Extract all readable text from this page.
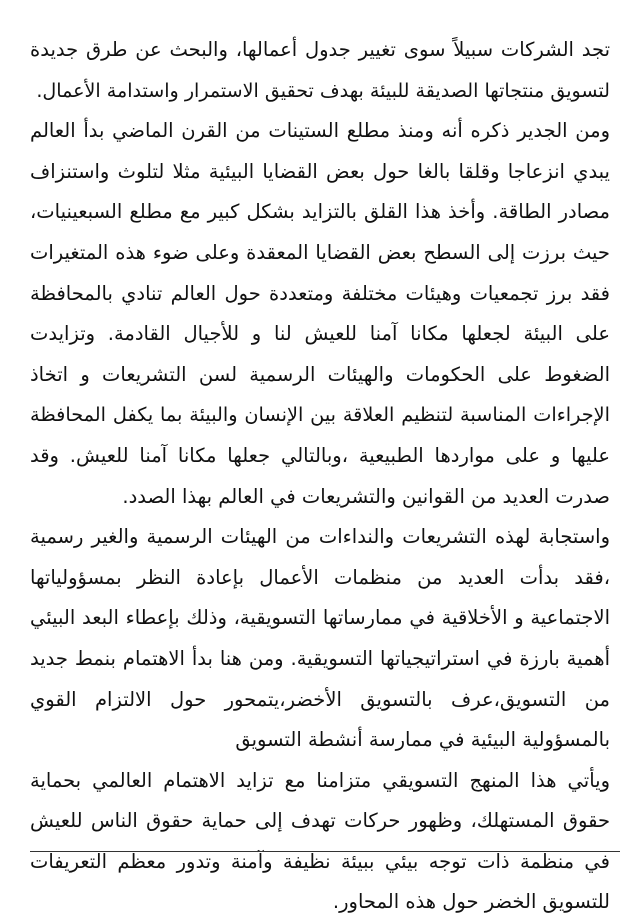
تجد الشركات سبيلاً سوى تغيير جدول أعمالها، والبحث عن طرق جديدة
لتسويق منتجاتها الصديقة للبيئة بهدف تحقيق الاستمرار واستدامة الأعمال.
ومن الجدير ذكره أنه ومنذ مطلع الستينات من القرن الماضي بدأ العالم
يبدي انزعاجا وقلقا بالغا حول بعض القضايا البيئية مثلا لتلوث واستنزاف
مصادر الطاقة. وأخذ هذا القلق بالتزايد بشكل كبير مع مطلع السبعينيات،
حيث برزت إلى السطح بعض القضايا المعقدة وعلى ضوء هذه المتغيرات
فقد برز تجمعيات وهيئات مختلفة ومتعددة حول العالم تنادي بالمحافظة
على البيئة لجعلها مكانا آمنا للعيش لنا و للأجيال القادمة. وتزايدت
الضغوط على الحكومات والهيئات الرسمية لسن التشريعات و اتخاذ
الإجراءات المناسبة لتنظيم العلاقة بين الإنسان والبيئة بما يكفل المحافظة
عليها و على مواردها الطبيعية ،وبالتالي جعلها مكانا آمنا للعيش. وقد
صدرت العديد من القوانين والتشريعات في العالم بهذا الصدد.
واستجابة لهذه التشريعات والنداءات من الهيئات الرسمية والغير رسمية
،فقد بدأت العديد من منظمات الأعمال بإعادة النظر بمسؤولياتها
الاجتماعية و الأخلاقية في ممارساتها التسويقية، وذلك بإعطاء البعد البيئي
أهمية بارزة في استراتيجياتها التسويقية. ومن هنا بدأ الاهتمام بنمط جديد
من التسويق،عرف بالتسويق الأخضر،يتمحور حول الالتزام القوي
بالمسؤولية البيئية في ممارسة أنشطة التسويق
ويأتي هذا المنهج التسويقي متزامنا مع تزايد الاهتمام العالمي بحماية
حقوق المستهلك، وظهور حركات تهدف إلى حماية حقوق الناس للعيش
في منظمة ذات توجه بيئي ببيئة نظيفة وآمنة وتدور معظم التعريفات
للتسويق الخضر حول هذه المحاور.
